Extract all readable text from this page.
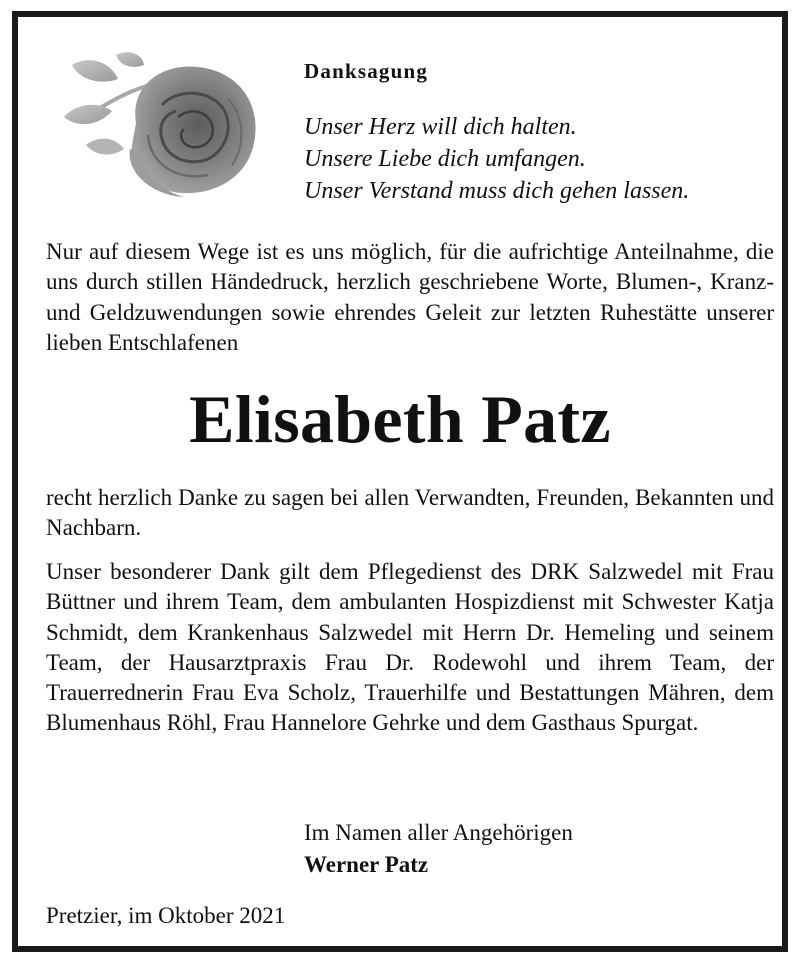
Danksagung

Unser Herz will dich halten.
Unsere Liebe dich umfangen.
Unser Verstand muss dich gehen lassen.

Nur auf diesem Wege ist es uns möglich, für die aufrichtige Anteilnahme, die uns durch stillen Händedruck, herzlich geschriebene Worte, Blumen-, Kranz- und Geldzuwendungen sowie ehrendes Geleit zur letzten Ruhestätte unserer lieben Entschlafenen

Elisabeth Patz

recht herzlich Danke zu sagen bei allen Verwandten, Freunden, Bekannten und Nachbarn.

Unser besonderer Dank gilt dem Pflegedienst des DRK Salzwedel mit Frau Büttner und ihrem Team, dem ambulanten Hospizdienst mit Schwester Katja Schmidt, dem Krankenhaus Salzwedel mit Herrn Dr. Hemeling und seinem Team, der Hausarztpraxis Frau Dr. Rodewohl und ihrem Team, der Trauerrednerin Frau Eva Scholz, Trauerhilfe und Bestattungen Mähren, dem Blumenhaus Röhl, Frau Hannelore Gehrke und dem Gasthaus Spurgat.

Im Namen aller Angehörigen
Werner Patz

Pretzier, im Oktober 2021
